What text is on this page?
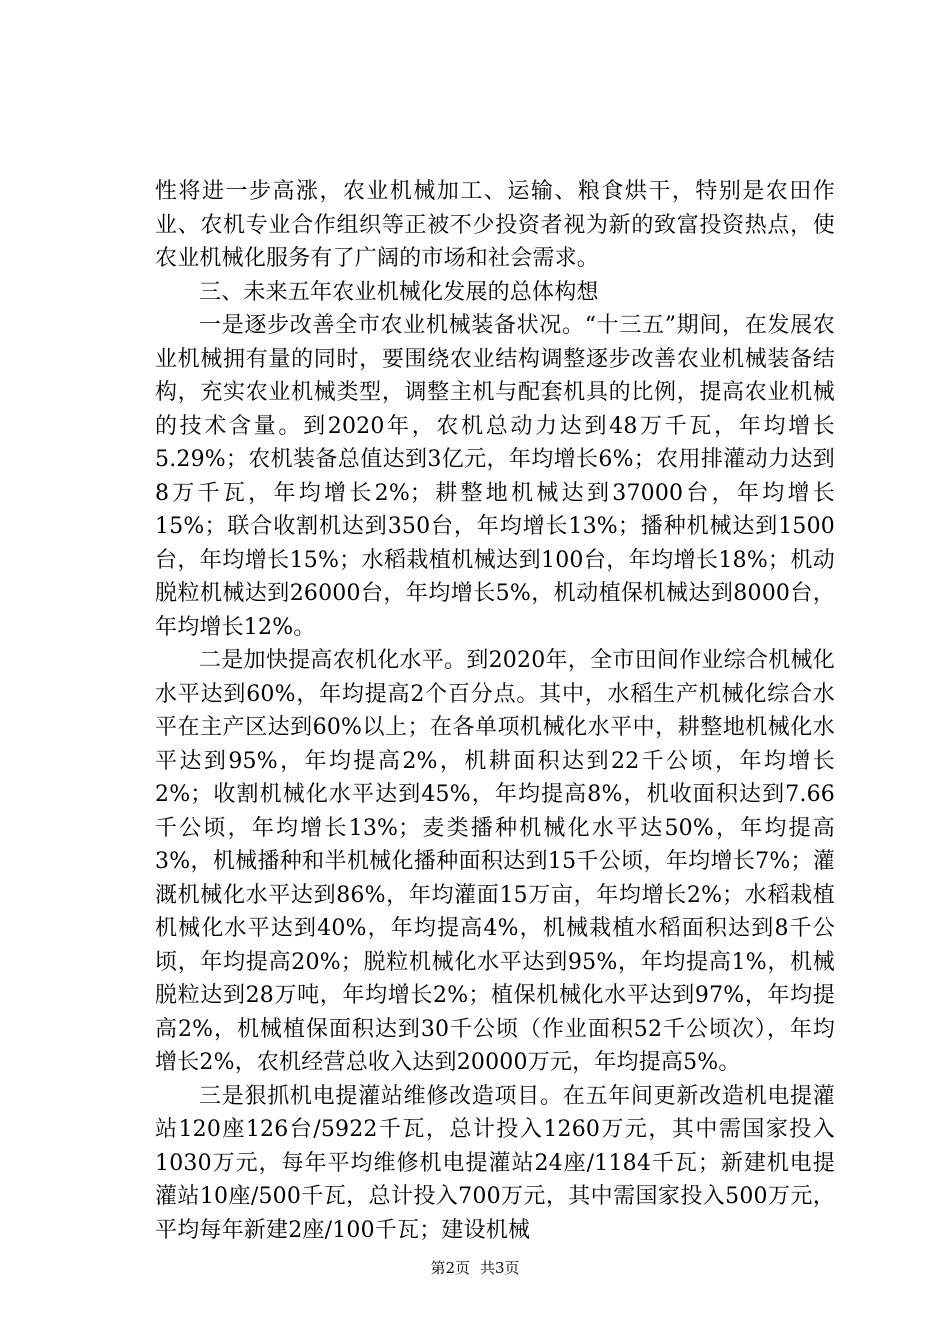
性将进一步高涨，农业机械加工、运输、粮食烘干，特别是农田作业、农机专业合作组织等正被不少投资者视为新的致富投资热点，使农业机械化服务有了广阔的市场和社会需求。

三、未来五年农业机械化发展的总体构想

一是逐步改善全市农业机械装备状况。“十三五”期间，在发展农业机械拥有量的同时，要围绕农业结构调整逐步改善农业机械装备结构，充实农业机械类型，调整主机与配套机具的比例，提高农业机械的技术含量。到2020年，农机总动力达到48万千瓦，年均增长5.29%；农机装备总值达到3亿元，年均增长6%；农用排灌动力达到8万千瓦，年均增长2%；耕整地机械达到37000台，年均增长15%；联合收割机达到350台，年均增长13%；播种机械达到1500台，年均增长15%；水稻栽植机械达到100台，年均增长18%；机动脱粒机械达到26000台，年均增长5%，机动植保机械达到8000台，年均增长12%。

二是加快提高农机化水平。到2020年，全市田间作业综合机械化水平达到60%，年均提高2个百分点。其中，水稻生产机械化综合水平在主产区达到60%以上；在各单项机械化水平中，耕整地机械化水平达到95%，年均提高2%，机耕面积达到22千公顷，年均增长2%；收割机械化水平达到45%，年均提高8%，机收面积达到7.66千公顷，年均增长13%；麦类播种机械化水平达50%，年均提高3%，机械播种和半机械化播种面积达到15千公顷，年均增长7%；灌溉机械化水平达到86%，年均灌面15万亩，年均增长2%；水稻栽植机械化水平达到40%，年均提高4%，机械栽植水稻面积达到8千公顷，年均提高20%；脱粒机械化水平达到95%，年均提高1%，机械脱粒达到28万吨，年均增长2%；植保机械化水平达到97%，年均提高2%，机械植保面积达到30千公顷（作业面积52千公顷次），年均增长2%，农机经营总收入达到20000万元，年均提高5%。

三是狠抓机电提灌站维修改造项目。在五年间更新改造机电提灌站120座126台/5922千瓦，总计投入1260万元，其中需国家投入1030万元，每年平均维修机电提灌站24座/1184千瓦；新建机电提灌站10座/500千瓦，总计投入700万元，其中需国家投入500万元，平均每年新建2座/100千瓦；建设机械

第2页 共3页
